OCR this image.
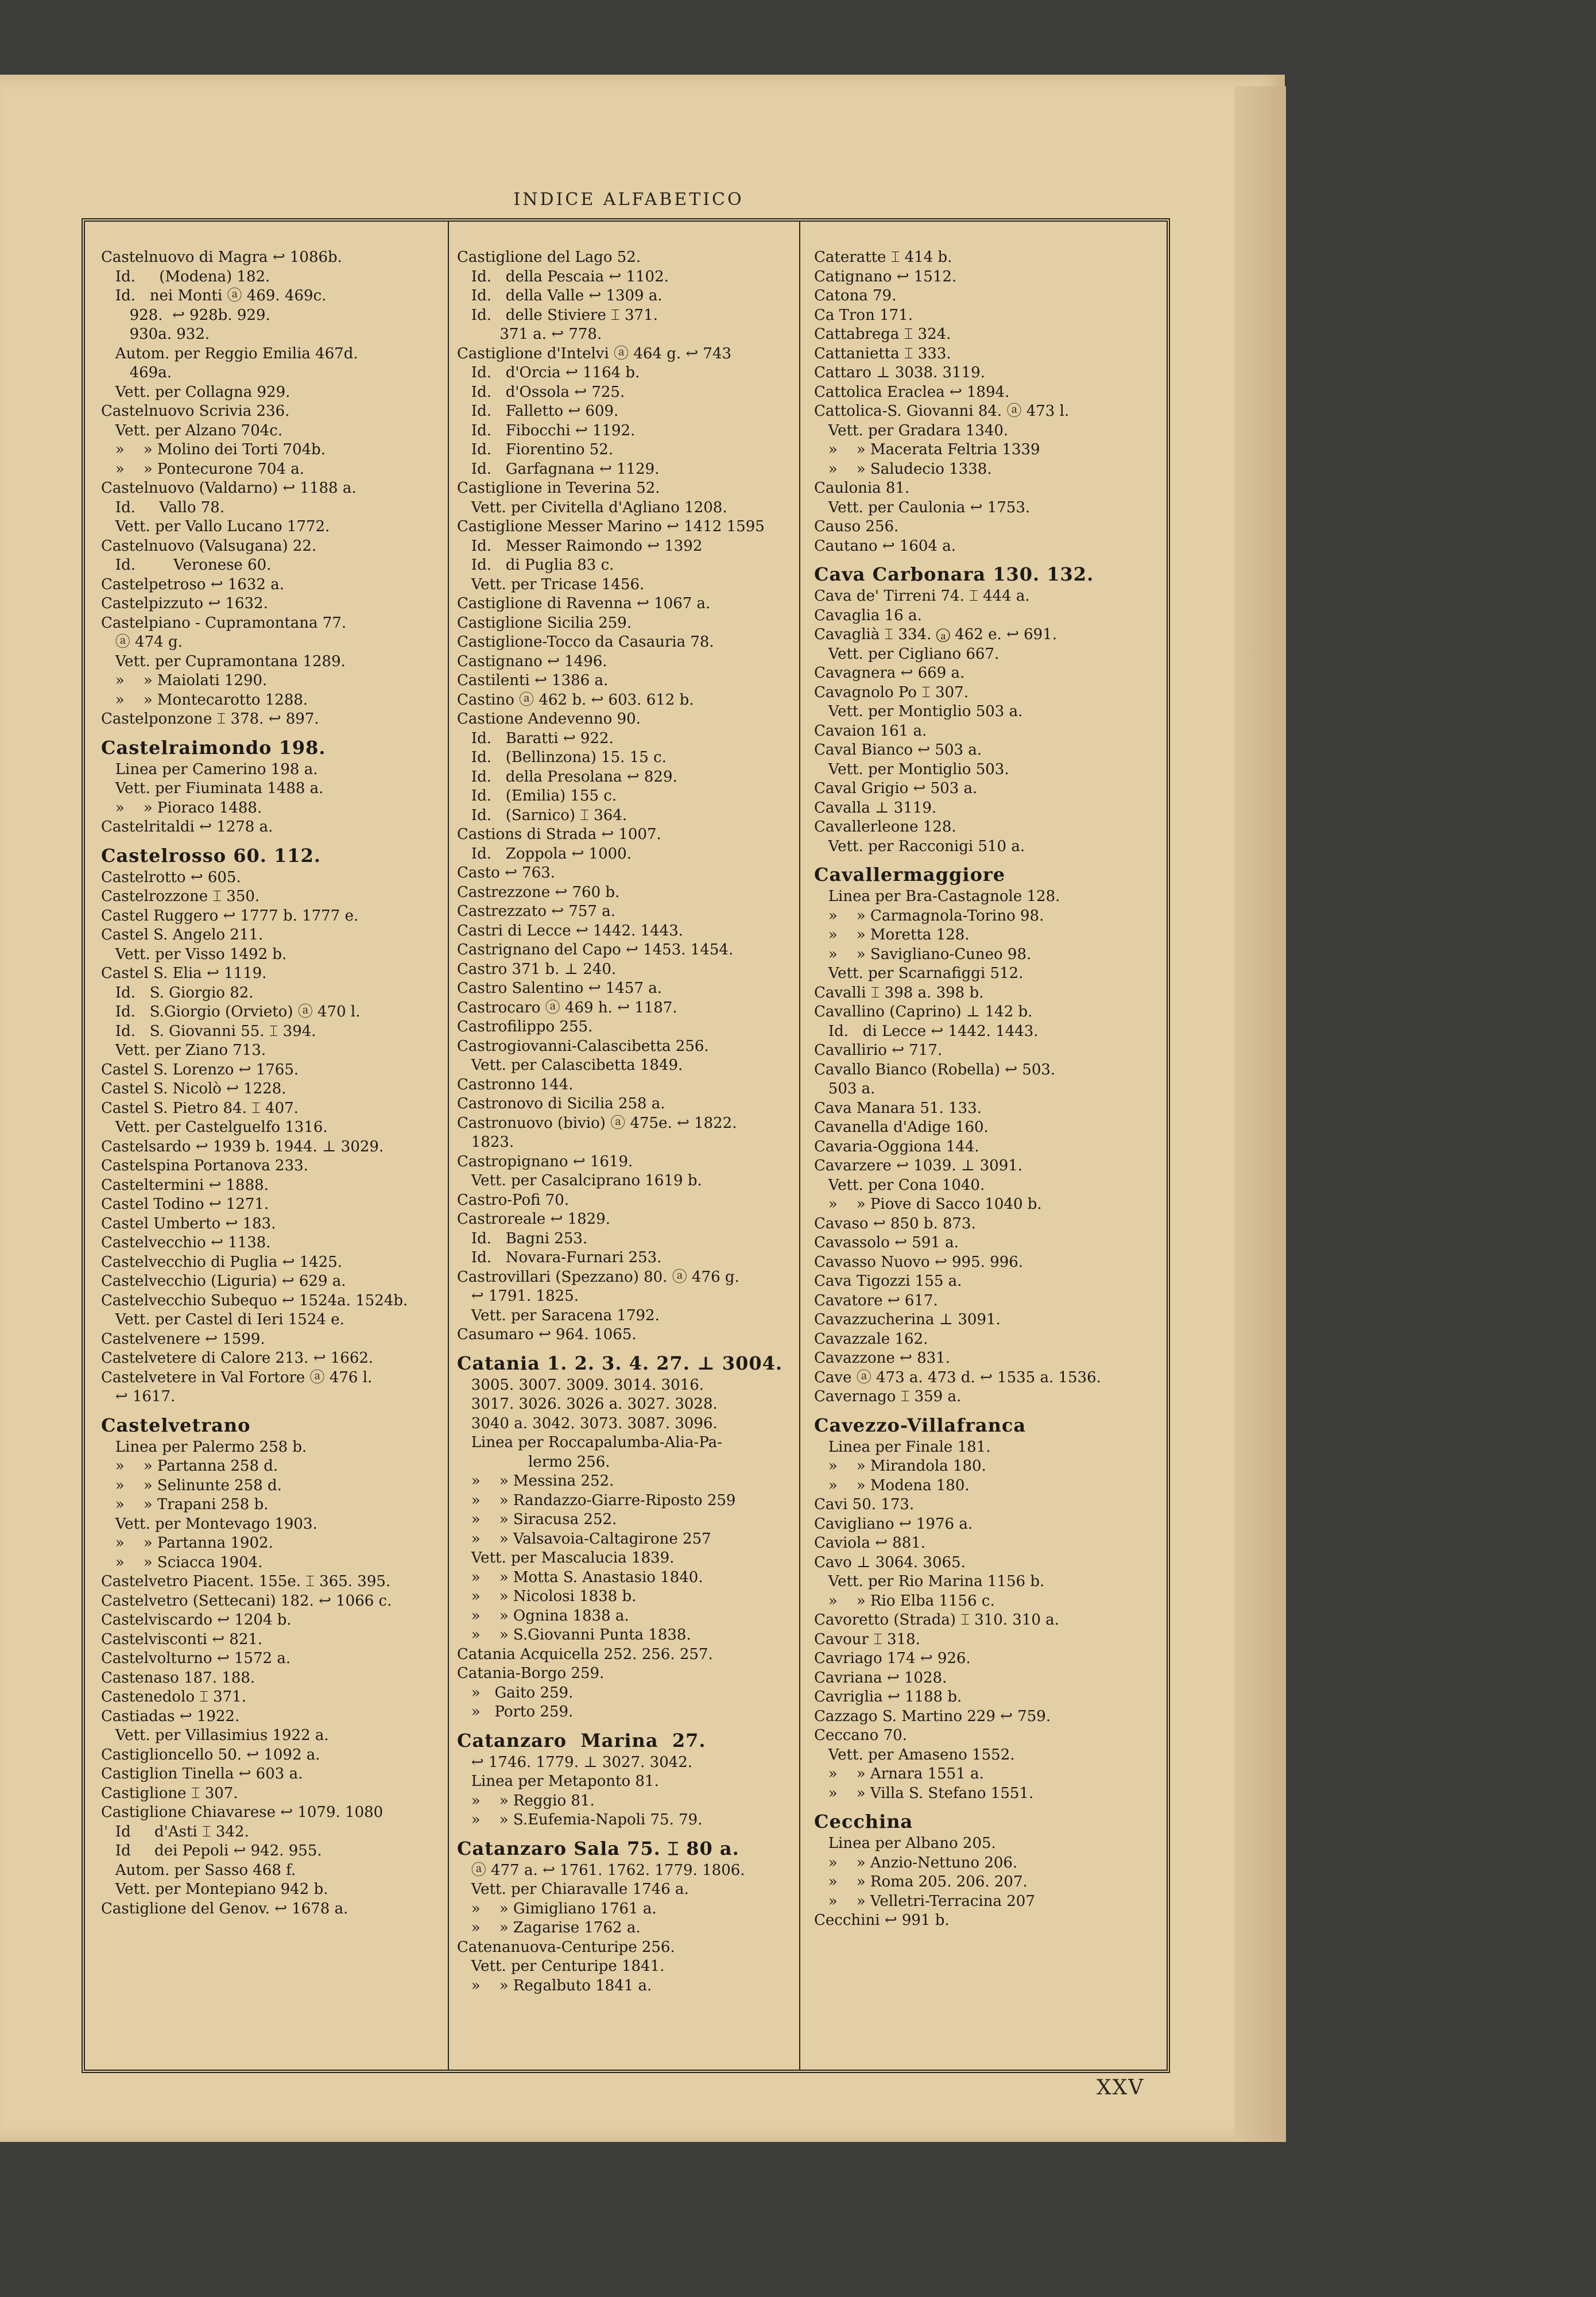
INDICE ALFABETICO
Castelnuovo di Magra ↩ 1086b.
Id.     (Modena) 182.
Id.   nei Monti ⓐ 469. 469c.
928.  ↩ 928b. 929.
930a. 932.
Autom. per Reggio Emilia 467d.
469a.
Vett. per Collagna 929.
Castelnuovo Scrivia 236.
Vett. per Alzano 704c.
»    » Molino dei Torti 704b.
»    » Pontecurone 704 a.
Castelnuovo (Valdarno) ↩ 1188 a.
Id.     Vallo 78.
Vett. per Vallo Lucano 1772.
Castelnuovo (Valsugana) 22.
Id.        Veronese 60.
Castelpetroso ↩ 1632 a.
Castelpizzuto ↩ 1632.
Castelpiano - Cupramontana 77.
ⓐ 474 g.
Vett. per Cupramontana 1289.
»    » Maiolati 1290.
»    » Montecarotto 1288.
Castelponzone ⌶ 378. ↩ 897.
Castelraimondo 198.
Linea per Camerino 198 a.
Vett. per Fiuminata 1488 a.
»    » Pioraco 1488.
Castelritaldi ↩ 1278 a.
Castelrosso 60. 112.
Castelrotto ↩ 605.
Castelrozzone ⌶ 350.
Castel Ruggero ↩ 1777 b. 1777 e.
Castel S. Angelo 211.
Vett. per Visso 1492 b.
Castel S. Elia ↩ 1119.
Id.   S. Giorgio 82.
Id.   S.Giorgio (Orvieto) ⓐ 470 l.
Id.   S. Giovanni 55. ⌶ 394.
Vett. per Ziano 713.
Castel S. Lorenzo ↩ 1765.
Castel S. Nicolò ↩ 1228.
Castel S. Pietro 84. ⌶ 407.
Vett. per Castelguelfo 1316.
Castelsardo ↩ 1939 b. 1944. ⊥ 3029.
Castelspina Portanova 233.
Casteltermini ↩ 1888.
Castel Todino ↩ 1271.
Castel Umberto ↩ 183.
Castelvecchio ↩ 1138.
Castelvecchio di Puglia ↩ 1425.
Castelvecchio (Liguria) ↩ 629 a.
Castelvecchio Subequo ↩ 1524a. 1524b.
Vett. per Castel di Ieri 1524 e.
Castelvenere ↩ 1599.
Castelvetere di Calore 213. ↩ 1662.
Castelvetere in Val Fortore ⓐ 476 l.
↩ 1617.
Castelvetrano
Linea per Palermo 258 b.
»    » Partanna 258 d.
»    » Selinunte 258 d.
»    » Trapani 258 b.
Vett. per Montevago 1903.
»    » Partanna 1902.
»    » Sciacca 1904.
Castelvetro Piacent. 155e. ⌶ 365. 395.
Castelvetro (Settecani) 182. ↩ 1066 c.
Castelviscardo ↩ 1204 b.
Castelvisconti ↩ 821.
Castelvolturno ↩ 1572 a.
Castenaso 187. 188.
Castenedolo ⌶ 371.
Castiadas ↩ 1922.
Vett. per Villasimius 1922 a.
Castiglioncello 50. ↩ 1092 a.
Castiglion Tinella ↩ 603 a.
Castiglione ⌶ 307.
Castiglione Chiavarese ↩ 1079. 1080
Id     d'Asti ⌶ 342.
Id     dei Pepoli ↩ 942. 955.
Autom. per Sasso 468 f.
Vett. per Montepiano 942 b.
Castiglione del Genov. ↩ 1678 a.
Castiglione del Lago 52.
Id.   della Pescaia ↩ 1102.
Id.   della Valle ↩ 1309 a.
Id.   delle Stiviere ⌶ 371.
371 a. ↩ 778.
Castiglione d'Intelvi ⓐ 464 g. ↩ 743
Id.   d'Orcia ↩ 1164 b.
Id.   d'Ossola ↩ 725.
Id.   Falletto ↩ 609.
Id.   Fibocchi ↩ 1192.
Id.   Fiorentino 52.
Id.   Garfagnana ↩ 1129.
Castiglione in Teverina 52.
Vett. per Civitella d'Agliano 1208.
Castiglione Messer Marino ↩ 1412 1595
Id.   Messer Raimondo ↩ 1392
Id.   di Puglia 83 c.
Vett. per Tricase 1456.
Castiglione di Ravenna ↩ 1067 a.
Castiglione Sicilia 259.
Castiglione-Tocco da Casauria 78.
Castignano ↩ 1496.
Castilenti ↩ 1386 a.
Castino ⓐ 462 b. ↩ 603. 612 b.
Castione Andevenno 90.
Id.   Baratti ↩ 922.
Id.   (Bellinzona) 15. 15 c.
Id.   della Presolana ↩ 829.
Id.   (Emilia) 155 c.
Id.   (Sarnico) ⌶ 364.
Castions di Strada ↩ 1007.
Id.   Zoppola ↩ 1000.
Casto ↩ 763.
Castrezzone ↩ 760 b.
Castrezzato ↩ 757 a.
Castri di Lecce ↩ 1442. 1443.
Castrignano del Capo ↩ 1453. 1454.
Castro 371 b. ⊥ 240.
Castro Salentino ↩ 1457 a.
Castrocaro ⓐ 469 h. ↩ 1187.
Castrofilippo 255.
Castrogiovanni-Calascibetta 256.
Vett. per Calascibetta 1849.
Castronno 144.
Castronovo di Sicilia 258 a.
Castronuovo (bivio) ⓐ 475e. ↩ 1822.
1823.
Castropignano ↩ 1619.
Vett. per Casalciprano 1619 b.
Castro-Pofi 70.
Castroreale ↩ 1829.
Id.   Bagni 253.
Id.   Novara-Furnari 253.
Castrovillari (Spezzano) 80. ⓐ 476 g.
↩ 1791. 1825.
Vett. per Saracena 1792.
Casumaro ↩ 964. 1065.
Catania 1. 2. 3. 4. 27. ⊥ 3004.
3005. 3007. 3009. 3014. 3016.
3017. 3026. 3026 a. 3027. 3028.
3040 a. 3042. 3073. 3087. 3096.
Linea per Roccapalumba-Alia-Pa-
lermo 256.
»    » Messina 252.
»    » Randazzo-Giarre-Riposto 259
»    » Siracusa 252.
»    » Valsavoia-Caltagirone 257
Vett. per Mascalucia 1839.
»    » Motta S. Anastasio 1840.
»    » Nicolosi 1838 b.
»    » Ognina 1838 a.
»    » S.Giovanni Punta 1838.
Catania Acquicella 252. 256. 257.
Catania-Borgo 259.
»   Gaito 259.
»   Porto 259.
Catanzaro  Marina  27.
↩ 1746. 1779. ⊥ 3027. 3042.
Linea per Metaponto 81.
»    » Reggio 81.
»    » S.Eufemia-Napoli 75. 79.
Catanzaro Sala 75. ⌶ 80 a.
ⓐ 477 a. ↩ 1761. 1762. 1779. 1806.
Vett. per Chiaravalle 1746 a.
»    » Gimigliano 1761 a.
»    » Zagarise 1762 a.
Catenanuova-Centuripe 256.
Vett. per Centuripe 1841.
»    » Regalbuto 1841 a.
Cateratte ⌶ 414 b.
Catignano ↩ 1512.
Catona 79.
Ca Tron 171.
Cattabrega ⌶ 324.
Cattanietta ⌶ 333.
Cattaro ⊥ 3038. 3119.
Cattolica Eraclea ↩ 1894.
Cattolica-S. Giovanni 84. ⓐ 473 l.
Vett. per Gradara 1340.
»    » Macerata Feltria 1339
»    » Saludecio 1338.
Caulonia 81.
Vett. per Caulonia ↩ 1753.
Causo 256.
Cautano ↩ 1604 a.
Cava Carbonara 130. 132.
Cava de' Tirreni 74. ⌶ 444 a.
Cavaglia 16 a.
Cavaglià ⌶ 334. ⓐ 462 e. ↩ 691.
Vett. per Cigliano 667.
Cavagnera ↩ 669 a.
Cavagnolo Po ⌶ 307.
Vett. per Montiglio 503 a.
Cavaion 161 a.
Caval Bianco ↩ 503 a.
Vett. per Montiglio 503.
Caval Grigio ↩ 503 a.
Cavalla ⊥ 3119.
Cavallerleone 128.
Vett. per Racconigi 510 a.
Cavallermaggiore
Linea per Bra-Castagnole 128.
»    » Carmagnola-Torino 98.
»    » Moretta 128.
»    » Savigliano-Cuneo 98.
Vett. per Scarnafiggi 512.
Cavalli ⌶ 398 a. 398 b.
Cavallino (Caprino) ⊥ 142 b.
Id.   di Lecce ↩ 1442. 1443.
Cavallirio ↩ 717.
Cavallo Bianco (Robella) ↩ 503.
503 a.
Cava Manara 51. 133.
Cavanella d'Adige 160.
Cavaria-Oggiona 144.
Cavarzere ↩ 1039. ⊥ 3091.
Vett. per Cona 1040.
»    » Piove di Sacco 1040 b.
Cavaso ↩ 850 b. 873.
Cavassolo ↩ 591 a.
Cavasso Nuovo ↩ 995. 996.
Cava Tigozzi 155 a.
Cavatore ↩ 617.
Cavazzucherina ⊥ 3091.
Cavazzale 162.
Cavazzone ↩ 831.
Cave ⓐ 473 a. 473 d. ↩ 1535 a. 1536.
Cavernago ⌶ 359 a.
Cavezzo-Villafranca
Linea per Finale 181.
»    » Mirandola 180.
»    » Modena 180.
Cavi 50. 173.
Cavigliano ↩ 1976 a.
Caviola ↩ 881.
Cavo ⊥ 3064. 3065.
Vett. per Rio Marina 1156 b.
»    » Rio Elba 1156 c.
Cavoretto (Strada) ⌶ 310. 310 a.
Cavour ⌶ 318.
Cavriago 174 ↩ 926.
Cavriana ↩ 1028.
Cavriglia ↩ 1188 b.
Cazzago S. Martino 229 ↩ 759.
Ceccano 70.
Vett. per Amaseno 1552.
»    » Arnara 1551 a.
»    » Villa S. Stefano 1551.
Cecchina
Linea per Albano 205.
»    » Anzio-Nettuno 206.
»    » Roma 205. 206. 207.
»    » Velletri-Terracina 207
Cecchini ↩ 991 b.
XXV
